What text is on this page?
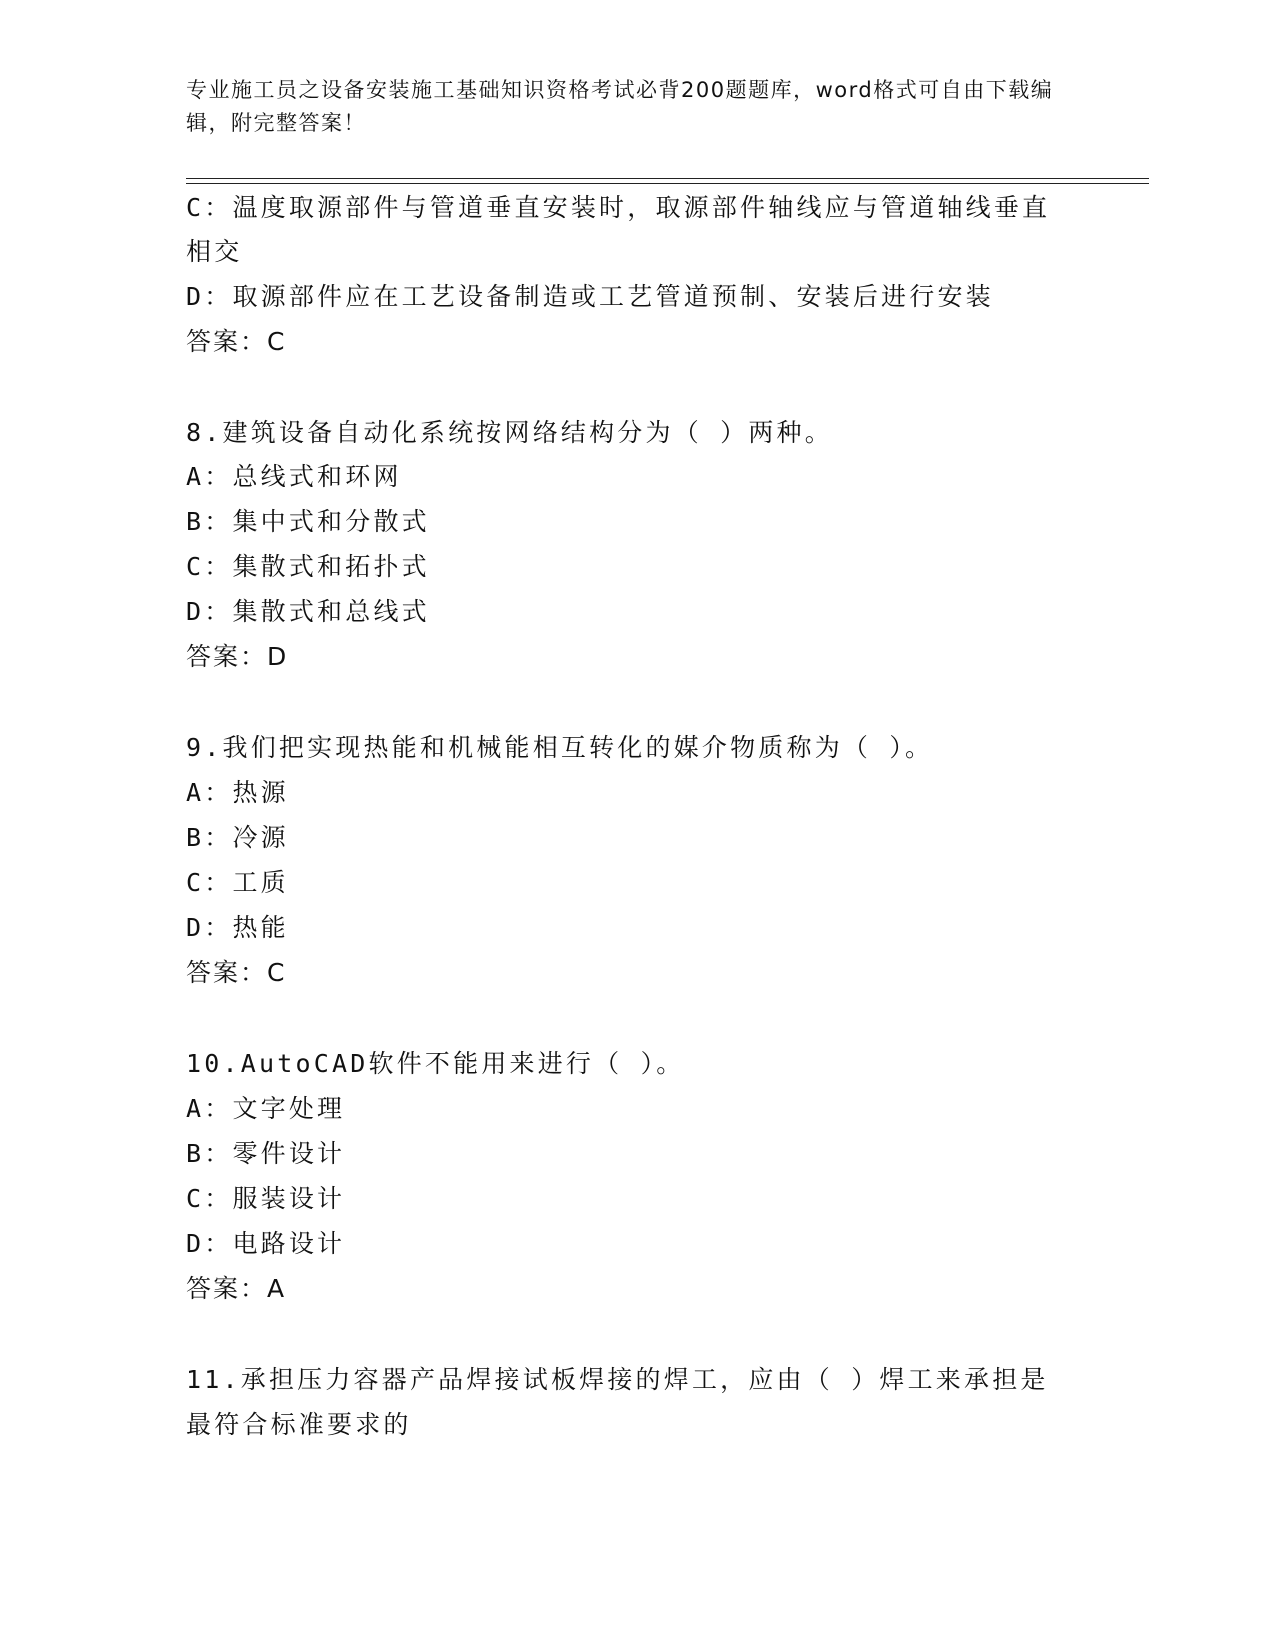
专业施工员之设备安装施工基础知识资格考试必背200题题库，word格式可自由下载编辑，附完整答案！
C：温度取源部件与管道垂直安装时，取源部件轴线应与管道轴线垂直
相交
D：取源部件应在工艺设备制造或工艺管道预制、安装后进行安装
答案：C
8.建筑设备自动化系统按网络结构分为（ ）两种。
A：总线式和环网
B：集中式和分散式
C：集散式和拓扑式
D：集散式和总线式
答案：D
9.我们把实现热能和机械能相互转化的媒介物质称为（ ）。
A：热源
B：冷源
C：工质
D：热能
答案：C
10.AutoCAD软件不能用来进行（ ）。
A：文字处理
B：零件设计
C：服装设计
D：电路设计
答案：A
11.承担压力容器产品焊接试板焊接的焊工，应由（ ）焊工来承担是
最符合标准要求的
